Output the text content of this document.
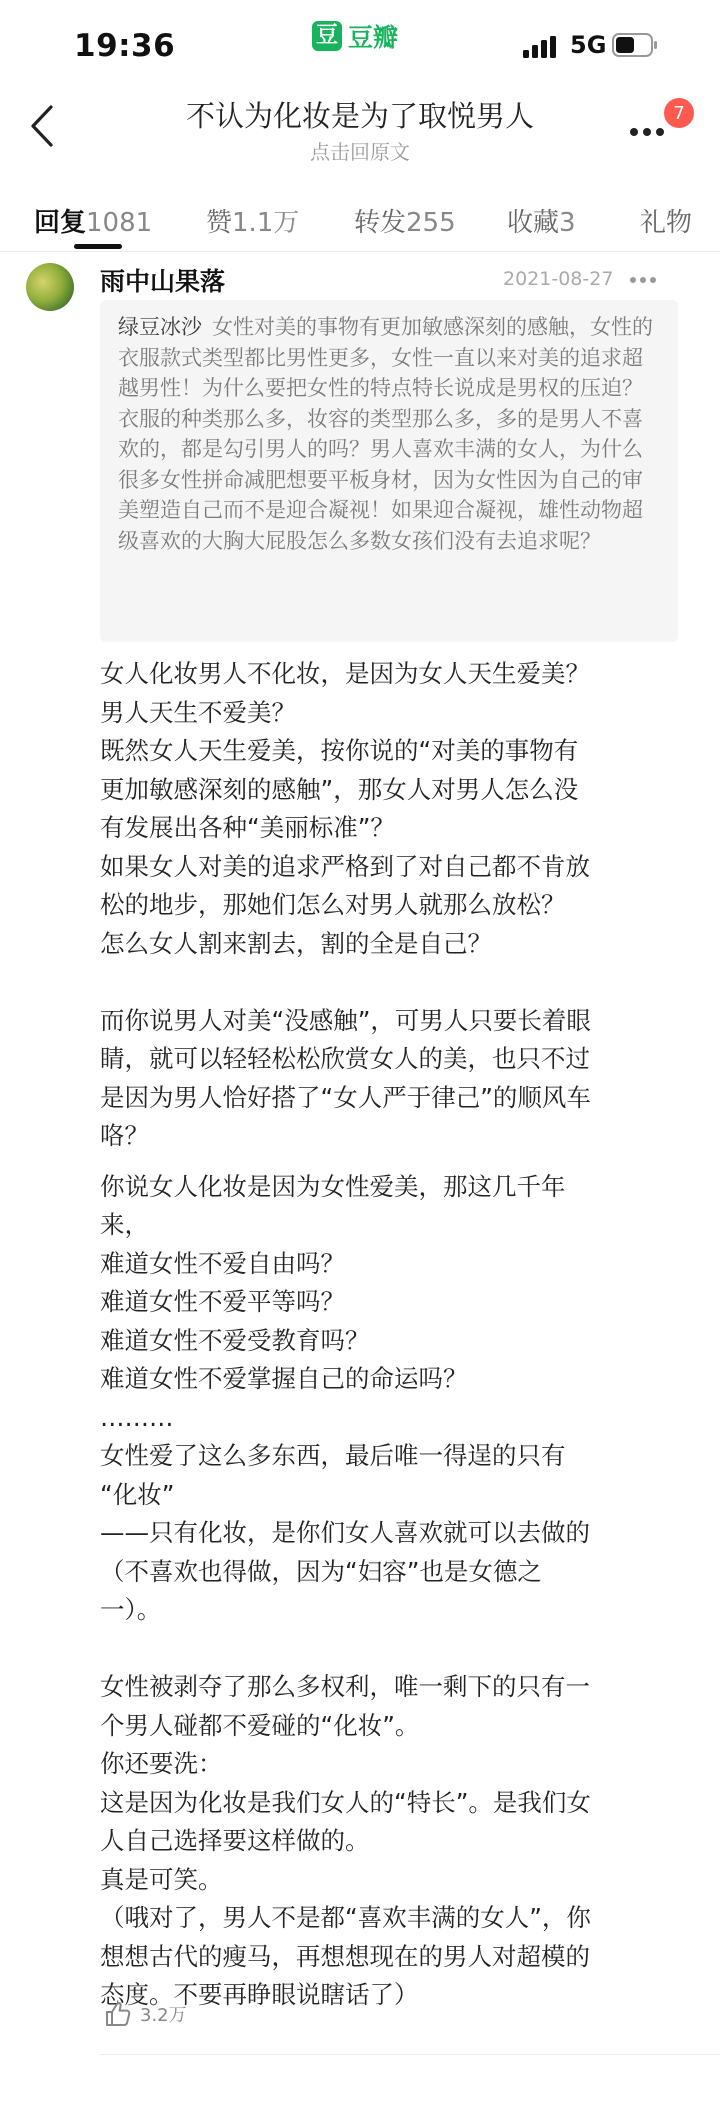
19:36	豆 豆瓣	5G
不认为化妆是为了取悦男人
点击回原文
7
回复1081 赞1.1万 转发255 收藏3 礼物
雨中山果落	2021-08-27
绿豆冰沙 女性对美的事物有更加敏感深刻的感触，女性的衣服款式类型都比男性更多，女性一直以来对美的追求超越男性！为什么要把女性的特点特长说成是男权的压迫？衣服的种类那么多，妆容的类型那么多，多的是男人不喜欢的，都是勾引男人的吗？男人喜欢丰满的女人，为什么很多女性拼命减肥想要平板身材，因为女性因为自己的审美塑造自己而不是迎合凝视！如果迎合凝视，雄性动物超级喜欢的大胸大屁股怎么多数女孩们没有去追求呢？
女人化妆男人不化妆，是因为女人天生爱美？
男人天生不爱美？
既然女人天生爱美，按你说的“对美的事物有
更加敏感深刻的感触”，那女人对男人怎么没
有发展出各种“美丽标准”？
如果女人对美的追求严格到了对自己都不肯放
松的地步，那她们怎么对男人就那么放松？
怎么女人割来割去，割的全是自己？
而你说男人对美“没感触”，可男人只要长着眼
睛，就可以轻轻松松欣赏女人的美，也只不过
是因为男人恰好搭了“女人严于律己”的顺风车
咯？
你说女人化妆是因为女性爱美，那这几千年
来，
难道女性不爱自由吗？
难道女性不爱平等吗？
难道女性不爱受教育吗？
难道女性不爱掌握自己的命运吗？
………
女性爱了这么多东西，最后唯一得逞的只有
“化妆”
——只有化妆，是你们女人喜欢就可以去做的
（不喜欢也得做，因为“妇容”也是女德之
一）。
女性被剥夺了那么多权利，唯一剩下的只有一
个男人碰都不爱碰的“化妆”。
你还要洗：
这是因为化妆是我们女人的“特长”。是我们女
人自己选择要这样做的。
真是可笑。
（哦对了，男人不是都“喜欢丰满的女人”，你
想想古代的瘦马，再想想现在的男人对超模的
态度。不要再睁眼说瞎话了）
3.2万
